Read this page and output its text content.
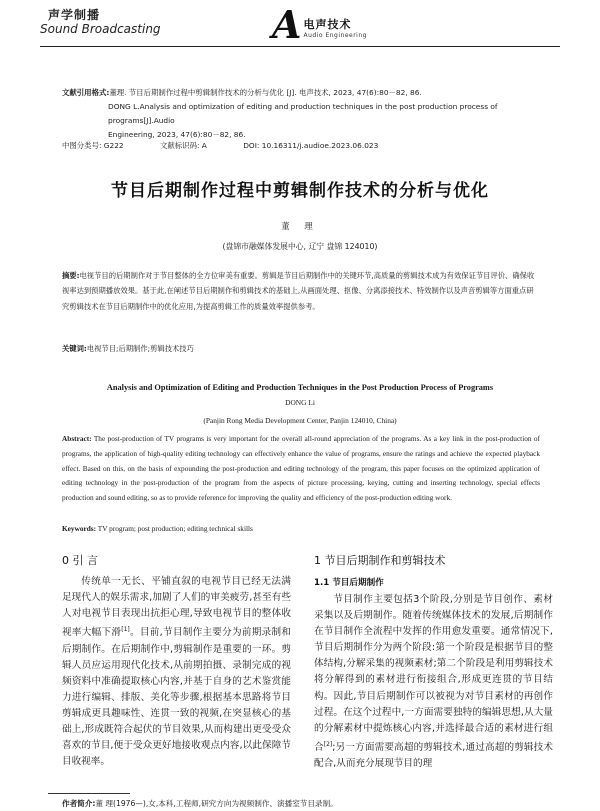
声学制播
Sound Broadcasting	A 电声技术
Audio Engineering
文献引用格式:董理. 节目后期制作过程中剪辑制作技术的分析与优化 [J]. 电声技术, 2023, 47(6):80－82, 86.
DONG L.Analysis and optimization of editing and production techniques in the post production process of programs[J].Audio
Engineering, 2023, 47(6):80－82, 86.
中图分类号: G222	文献标识码: A	DOI: 10.16311/j.audioe.2023.06.023
节目后期制作过程中剪辑制作技术的分析与优化
董 理
(盘锦市融媒体发展中心, 辽宁 盘锦 124010)
摘要:电视节目的后期制作对于节目整体的全方位审美有重要。剪辑是节目后期制作中的关键环节,高质量的剪辑技术成为有效保证节目评价、确保收视率达到预期播放效果。基于此,在阐述节目后期制作和剪辑技术的基础上,从画面处理、抠像、分离添接技术、特效制作以及声音剪辑等方面重点研究剪辑技术在节目后期制作中的优化应用,为提高剪辑工作的质量效率提供参考。
关键词:电视节目;后期制作;剪辑技术技巧
Analysis and Optimization of Editing and Production Techniques in the Post Production Process of Programs
DONG Li
(Panjin Rong Media Development Center, Panjin 124010, China)
Abstract: The post-production of TV programs is very important for the overall all-round appreciation of the programs. As a key link in the post-production of programs, the application of high-quality editing technology can effectively enhance the value of programs, ensure the ratings and achieve the expected playback effect. Based on this, on the basis of expounding the post-production and editing technology of the program, this paper focuses on the optimized application of editing technology in the post-production of the program from the aspects of picture processing, keying, cutting and inserting technology, special effects production and sound editing, so as to provide reference for improving the quality and efficiency of the post-production editing work.
Keywords: TV program; post production; editing technical skills
0 引 言
传统单一无长、平铺直叙的电视节目已经无法满足现代人的娱乐需求,加剧了人们的审美疲劳,甚至有些人对电视节目表现出抗拒心理,导致电视节目的整体收视率大幅下滑[1]。目前,节目制作主要分为前期录制和后期制作。在后期制作中,剪辑制作是重要的一环。剪辑人员应运用现代化技术,从前期拍摄、录制完成的视频资料中准确提取核心内容,并基于自身的艺术鉴赏能力进行编辑、排版、美化等步骤,根据基本思路将节目剪辑成更具趣味性、连贯一致的视频,在突显核心的基础上,形成既符合起伏的节目效果,从而构建出更受受众喜欢的节目,便于受众更好地接收观点内容,以此保障节目收视率。
1 节目后期制作和剪辑技术
1.1 节目后期制作
节目制作主要包括3个阶段,分别是节目创作、素材采集以及后期制作。随着传统媒体技术的发展,后期制作在节目制作全流程中发挥的作用愈发重要。通常情况下,节目后期制作分为两个阶段:第一个阶段是根据节目的整体结构,分解采集的视频素材;第二个阶段是利用剪辑技术将分解得到的素材进行衔接组合,形成更连贯的节目结构。因此,节目后期制作可以被视为对节目素材的再创作过程。在这个过程中,一方面需要独特的编辑思想,从大量的分解素材中提炼核心内容,并选择最合适的素材进行组合[2];另一方面需要高超的剪辑技术,通过高超的剪辑技术配合,从而充分展现节目的理
作者简介:董 理(1976—),女,本科,工程师,研究方向为视频制作、演播室节目录制。
